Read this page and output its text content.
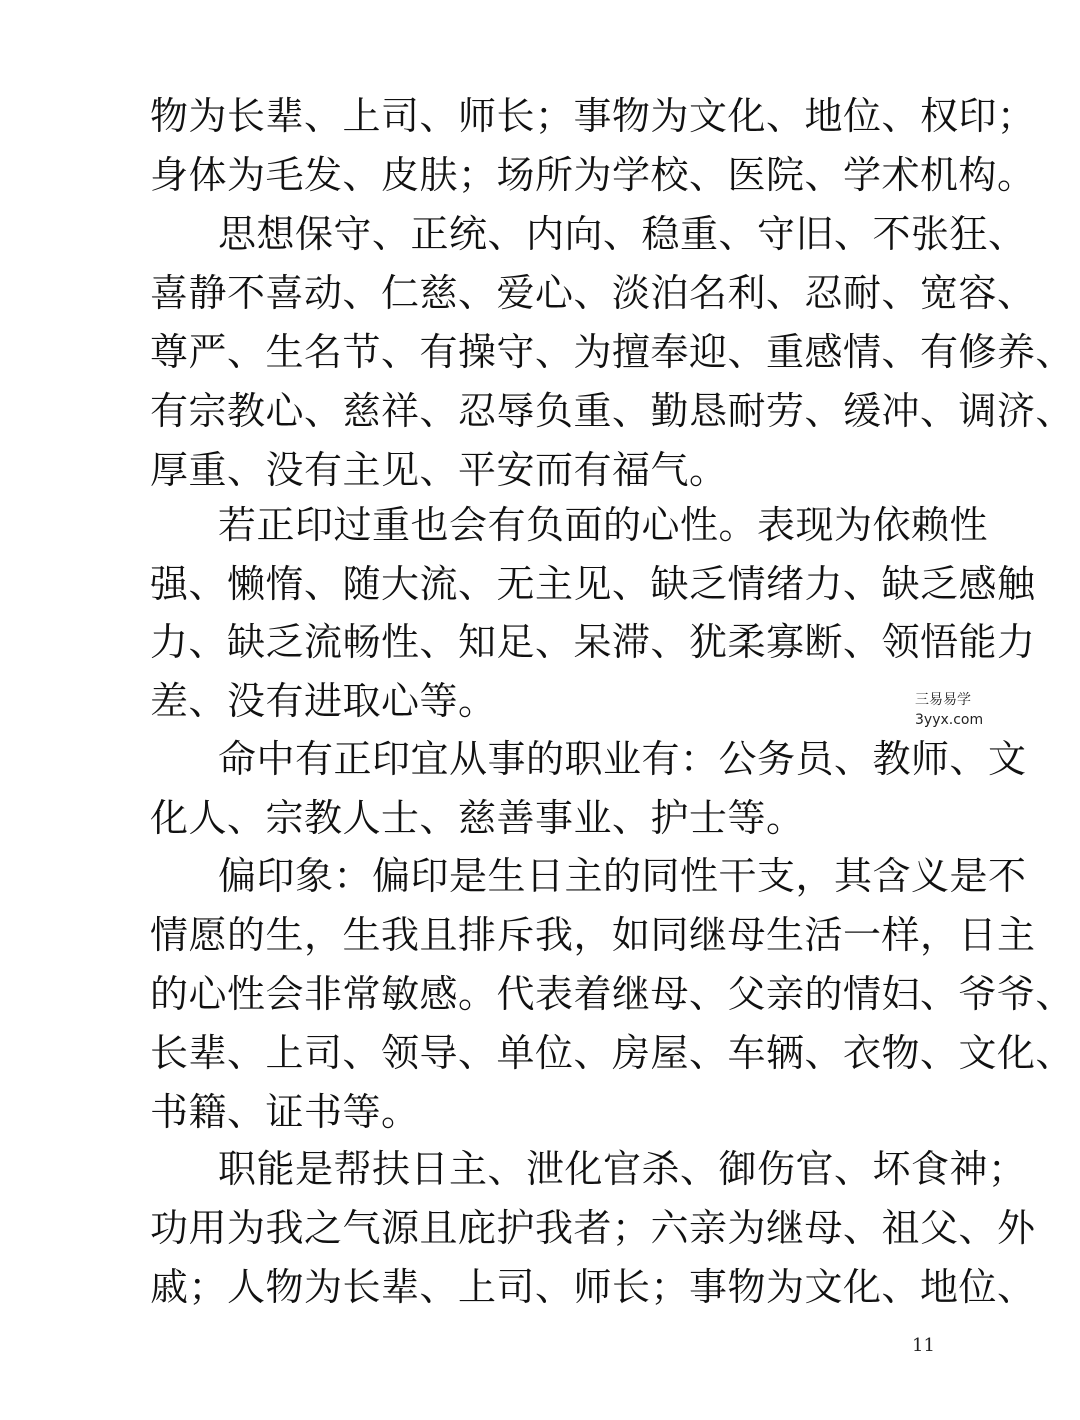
物为长辈、上司、师长；事物为文化、地位、权印；
身体为毛发、皮肤；场所为学校、医院、学术机构。
思想保守、正统、内向、稳重、守旧、不张狂、
喜静不喜动、仁慈、爱心、淡泊名利、忍耐、宽容、
尊严、生名节、有操守、为擅奉迎、重感情、有修养、
有宗教心、慈祥、忍辱负重、勤恳耐劳、缓冲、调济、
厚重、没有主见、平安而有福气。
若正印过重也会有负面的心性。表现为依赖性
强、懒惰、随大流、无主见、缺乏情绪力、缺乏感触
力、缺乏流畅性、知足、呆滞、犹柔寡断、领悟能力
差、没有进取心等。
命中有正印宜从事的职业有：公务员、教师、文
化人、宗教人士、慈善事业、护士等。
偏印象：偏印是生日主的同性干支，其含义是不
情愿的生，生我且排斥我，如同继母生活一样，日主
的心性会非常敏感。代表着继母、父亲的情妇、爷爷、
长辈、上司、领导、单位、房屋、车辆、衣物、文化、
书籍、证书等。
职能是帮扶日主、泄化官杀、御伤官、坏食神；
功用为我之气源且庇护我者；六亲为继母、祖父、外
戚；人物为长辈、上司、师长；事物为文化、地位、
三易易学
3yyx.com
11
